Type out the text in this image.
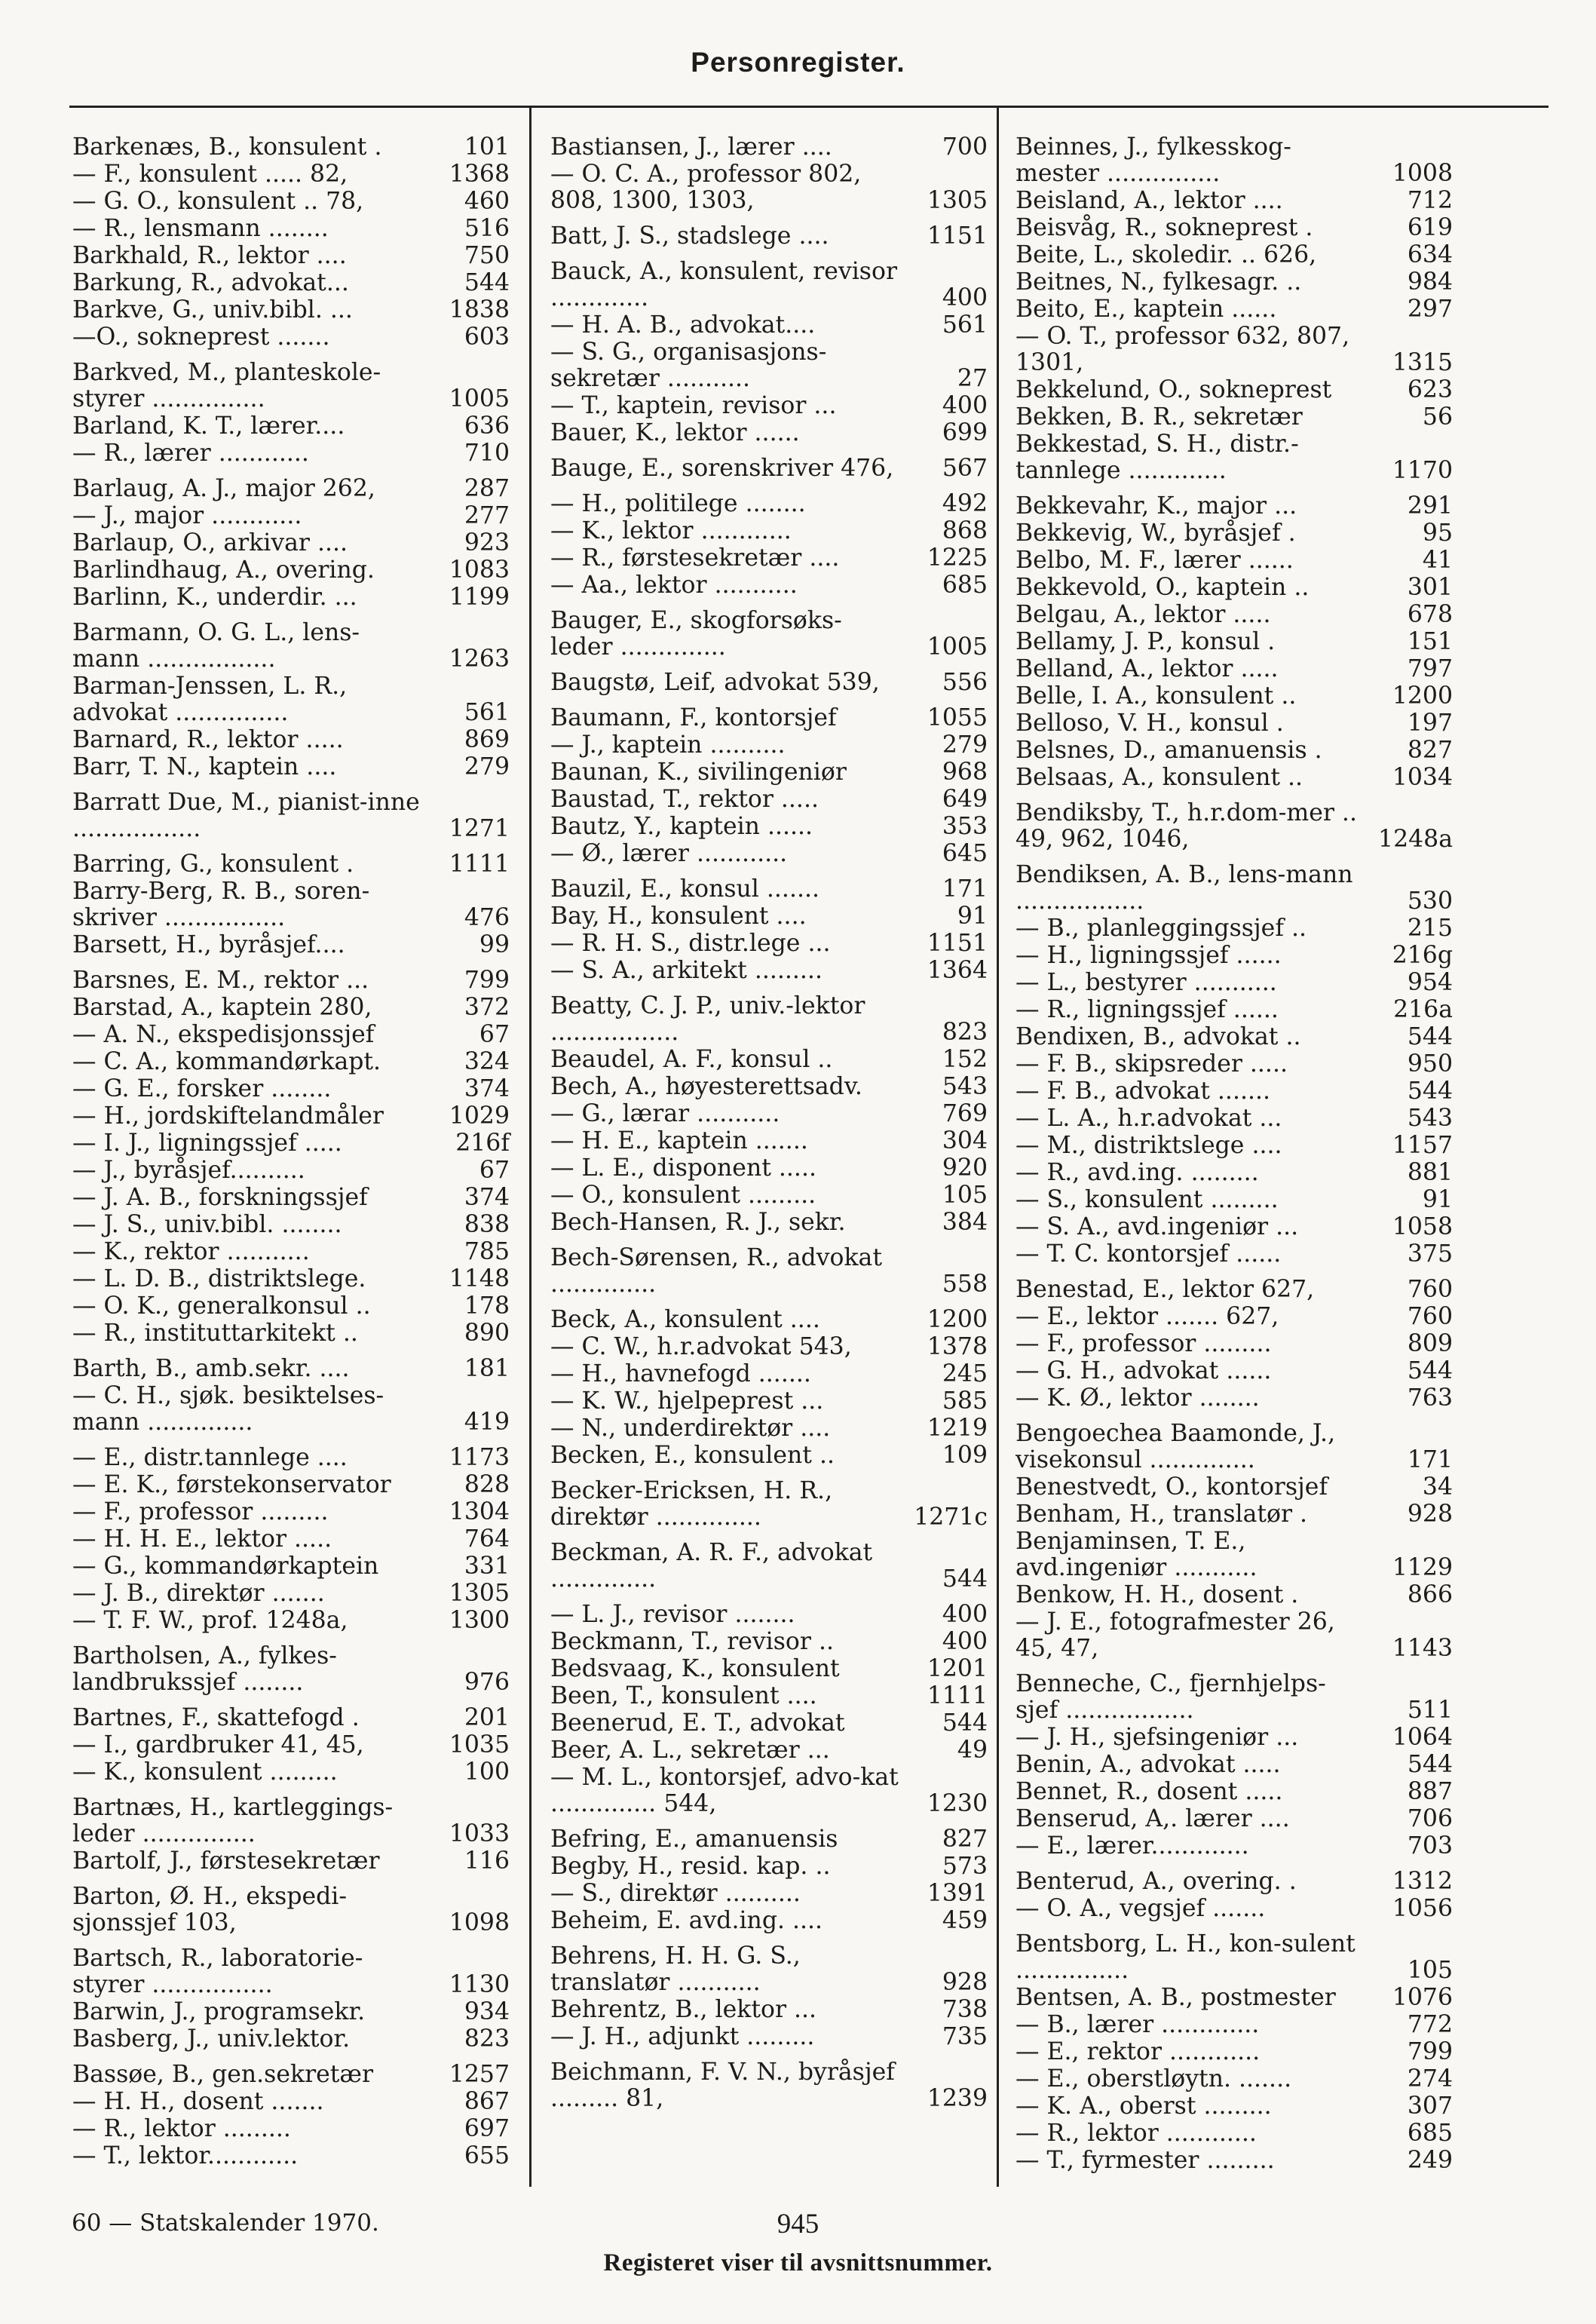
Personregister.
Barkenæs, B., konsulent .	101
— F., konsulent ..... 82,	1368
— G. O., konsulent .. 78,	460
— R., lensmann ........	516
Barkhald, R., lektor ....	750
Barkung, R., advokat...	544
Barkve, G., univ.bibl. ...	1838
—O., sokneprest .......	603
Barkved, M., planteskole-styrer ...............	1005
Barland, K. T., lærer....	636
— R., lærer ............	710
Barlaug, A. J., major 262,	287
— J., major ............	277
Barlaup, O., arkivar ....	923
Barlindhaug, A., overing.	1083
Barlinn, K., underdir. ...	1199
Barmann, O. G. L., lens-mann .................	1263
Barman-Jenssen, L. R., advokat ...............	561
Barnard, R., lektor .....	869
Barr, T. N., kaptein ....	279
Barratt Due, M., pianist-inne .................	1271
Barring, G., konsulent .	1111
Barry-Berg, R. B., soren-skriver ................	476
Barsett, H., byråsjef....	99
Barsnes, E. M., rektor ...	799
Barstad, A., kaptein 280,	372
— A. N., ekspedisjonssjef	67
— C. A., kommandørkapt.	324
— G. E., forsker ........	374
— H., jordskiftelandmåler	1029
— I. J., ligningssjef .....	216f
— J., byråsjef..........	67
— J. A. B., forskningssjef	374
— J. S., univ.bibl. ........	838
— K., rektor ...........	785
— L. D. B., distriktslege.	1148
— O. K., generalkonsul ..	178
— R., instituttarkitekt ..	890
Barth, B., amb.sekr. ....	181
— C. H., sjøk. besiktelses-mann ..............	419
— E., distr.tannlege ....	1173
— E. K., førstekonservator	828
— F., professor .........	1304
— H. H. E., lektor .....	764
— G., kommandørkaptein	331
— J. B., direktør .......	1305
— T. F. W., prof. 1248a,	1300
Bartholsen, A., fylkes-landbrukssjef ........	976
Bartnes, F., skattefogd .	201
— I., gardbruker 41, 45,	1035
— K., konsulent .........	100
Bartnæs, H., kartleggings-leder ...............	1033
Bartolf, J., førstesekretær	116
Barton, Ø. H., ekspedi-sjonssjef 103,	1098
Bartsch, R., laboratorie-styrer ................	1130
Barwin, J., programsekr.	934
Basberg, J., univ.lektor.	823
Bassøe, B., gen.sekretær	1257
— H. H., dosent .......	867
— R., lektor .........	697
— T., lektor............	655
Bastiansen, J., lærer ....	700
— O. C. A., professor 802, 808, 1300, 1303,	1305
Batt, J. S., stadslege ....	1151
Bauck, A., konsulent, revisor .............	400
— H. A. B., advokat....	561
— S. G., organisasjons-sekretær ...........	27
— T., kaptein, revisor ...	400
Bauer, K., lektor ......	699
Bauge, E., sorenskriver 476,	567
— H., politilege ........	492
— K., lektor ............	868
— R., førstesekretær ....	1225
— Aa., lektor ...........	685
Bauger, E., skogforsøks-leder ..............	1005
Baugstø, Leif, advokat 539,	556
Baumann, F., kontorsjef	1055
— J., kaptein ..........	279
Baunan, K., sivilingeniør	968
Baustad, T., rektor .....	649
Bautz, Y., kaptein ......	353
— Ø., lærer ............	645
Bauzil, E., konsul .......	171
Bay, H., konsulent ....	91
— R. H. S., distr.lege ...	1151
— S. A., arkitekt .........	1364
Beatty, C. J. P., univ.-lektor .................	823
Beaudel, A. F., konsul ..	152
Bech, A., høyesterettsadv.	543
— G., lærar ...........	769
— H. E., kaptein .......	304
— L. E., disponent .....	920
— O., konsulent .........	105
Bech-Hansen, R. J., sekr.	384
Bech-Sørensen, R., advokat ..............	558
Beck, A., konsulent ....	1200
— C. W., h.r.advokat 543,	1378
— H., havnefogd .......	245
— K. W., hjelpeprest ...	585
— N., underdirektør ....	1219
Becken, E., konsulent ..	109
Becker-Ericksen, H. R., direktør ..............	1271c
Beckman, A. R. F., advokat ..............	544
— L. J., revisor ........	400
Beckmann, T., revisor ..	400
Bedsvaag, K., konsulent	1201
Been, T., konsulent ....	1111
Beenerud, E. T., advokat	544
Beer, A. L., sekretær ...	49
— M. L., kontorsjef, advo-kat .............. 544,	1230
Befring, E., amanuensis	827
Begby, H., resid. kap. ..	573
— S., direktør ..........	1391
Beheim, E. avd.ing. ....	459
Behrens, H. H. G. S., translatør ...........	928
Behrentz, B., lektor ...	738
— J. H., adjunkt .........	735
Beichmann, F. V. N., byråsjef ......... 81,	1239
Beinnes, J., fylkesskog-mester ...............	1008
Beisland, A., lektor ....	712
Beisvåg, R., sokneprest .	619
Beite, L., skoledir. .. 626,	634
Beitnes, N., fylkesagr. ..	984
Beito, E., kaptein ......	297
— O. T., professor 632, 807, 1301,	1315
Bekkelund, O., sokneprest	623
Bekken, B. R., sekretær	56
Bekkestad, S. H., distr.-tannlege .............	1170
Bekkevahr, K., major ...	291
Bekkevig, W., byråsjef .	95
Belbo, M. F., lærer ......	41
Bekkevold, O., kaptein ..	301
Belgau, A., lektor .....	678
Bellamy, J. P., konsul .	151
Belland, A., lektor .....	797
Belle, I. A., konsulent ..	1200
Belloso, V. H., konsul .	197
Belsnes, D., amanuensis .	827
Belsaas, A., konsulent ..	1034
Bendiksby, T., h.r.dom-mer .. 49, 962, 1046,	1248a
Bendiksen, A. B., lens-mann .................	530
— B., planleggingssjef ..	215
— H., ligningssjef ......	216g
— L., bestyrer ...........	954
— R., ligningssjef ......	216a
Bendixen, B., advokat ..	544
— F. B., skipsreder .....	950
— F. B., advokat .......	544
— L. A., h.r.advokat ...	543
— M., distriktslege ....	1157
— R., avd.ing. .........	881
— S., konsulent .........	91
— S. A., avd.ingeniør ...	1058
— T. C. kontorsjef ......	375
Benestad, E., lektor 627,	760
— E., lektor ....... 627,	760
— F., professor .........	809
— G. H., advokat ......	544
— K. Ø., lektor ........	763
Bengoechea Baamonde, J., visekonsul ..............	171
Benestvedt, O., kontorsjef	34
Benham, H., translatør .	928
Benjaminsen, T. E., avd.ingeniør ...........	1129
Benkow, H. H., dosent .	866
— J. E., fotografmester 26, 45, 47,	1143
Benneche, C., fjernhjelps-sjef .................	511
— J. H., sjefsingeniør ...	1064
Benin, A., advokat .....	544
Bennet, R., dosent .....	887
Benserud, A,. lærer ....	706
— E., lærer.............	703
Benterud, A., overing. .	1312
— O. A., vegsjef .......	1056
Bentsborg, L. H., kon-sulent ...............	105
Bentsen, A. B., postmester	1076
— B., lærer .............	772
— E., rektor ............	799
— E., oberstløytn. .......	274
— K. A., oberst .........	307
— R., lektor ............	685
— T., fyrmester .........	249
60 — Statskalender 1970.	945
Registeret viser til avsnittsnummer.
